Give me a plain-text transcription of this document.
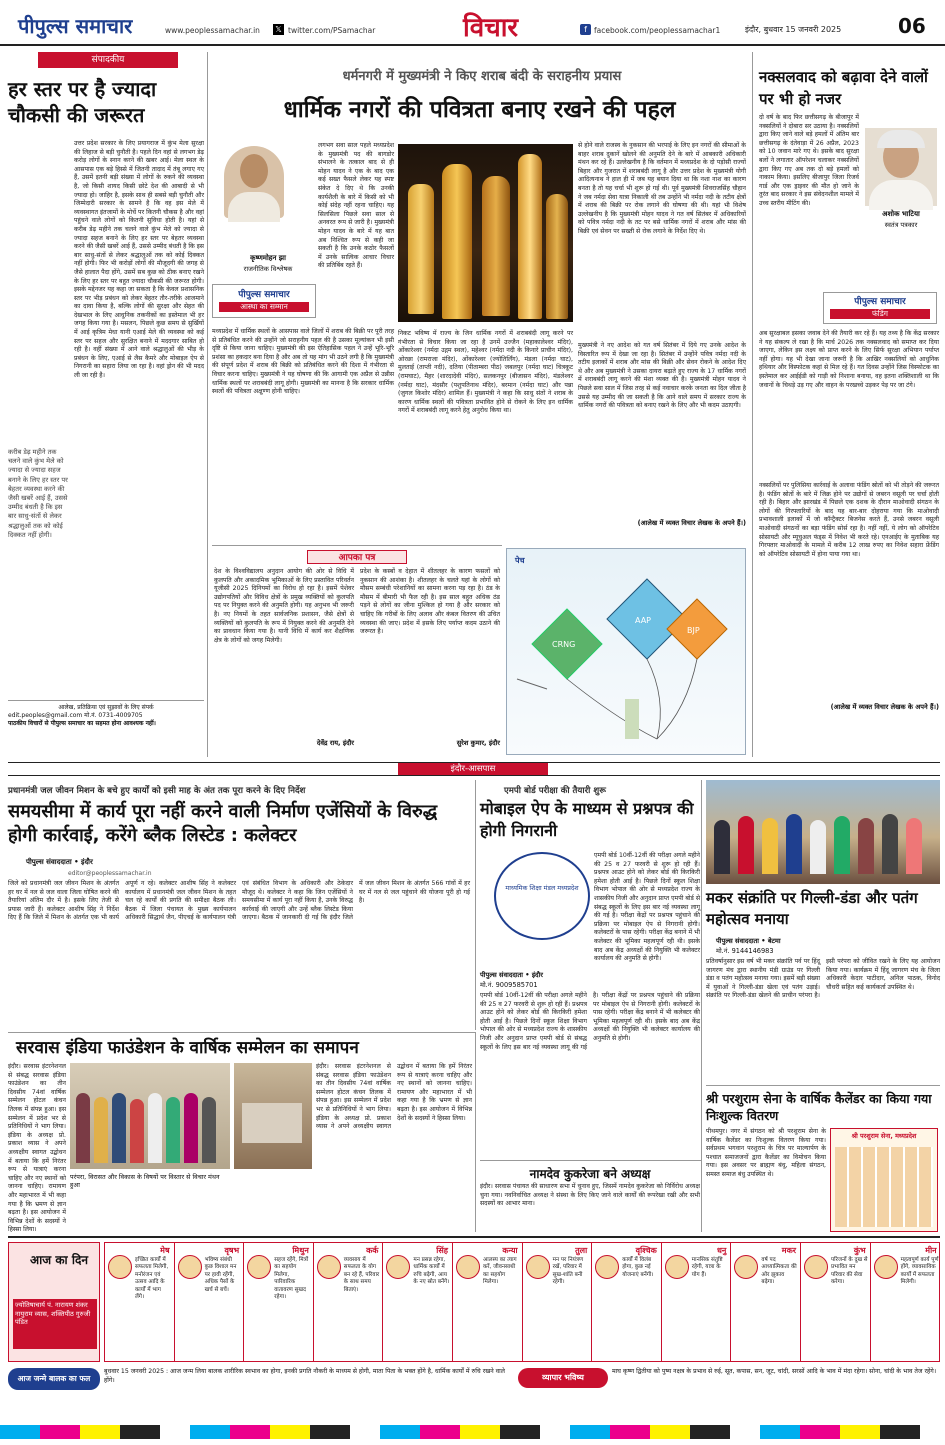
पीपुल्स समाचार	www.peoplessamachar.in 𝕏 twitter.com/PSamachar	विचार	f facebook.com/peoplessamachar1	इंदौर, बुधवार 15 जनवरी 2025	06
संपादकीय
हर स्तर पर है ज्यादा चौकसी की जरूरत
उत्तर प्रदेश सरकार के लिए प्रयागराज में कुंभ मेला सुरक्षा की लिहाज से बड़ी चुनौती है। पहले दिन वहां से लगभग डेढ़ करोड़ लोगों के स्नान करने की खबर आई। मेला स्थल के आसपास एक बड़े हिस्से में जितनी तादाद में तंबू लगाए गए हैं, उसमें इतनी बड़ी संख्या में लोगों के रुकने की व्यवस्था है, जो किसी शायद किसी छोटे देश की आबादी से भी ज्यादा हो। जाहिर है, इसके साथ ही सबसे बड़ी चुनौती और जिम्मेदारी सरकार के सामने है कि वह इस मेले में व्यवस्थागत इंतजामों के मोर्चे पर कितनी चौकस है और वहां पहुंचने वाले लोगों को कितनी सुविधा होती है। यहां से करीब डेढ़ महीने तक चलने वाले कुंभ मेले को ज्यादा से ज्यादा सहज बनाने के लिए हर स्तर पर बेहतर व्यवस्था करने की जैसी खबरें आई हैं, उससे उम्मीद बंधती है कि इस बार साधु-संतों से लेकर श्रद्धालुओं तक को कोई दिक्कत नहीं होगी। फिर भी करोड़ों लोगों की मौजूदगी की जगह से जैसे हालात पैदा होंगे, उसमें सब कुछ को ठीक बनाए रखने के लिए हर स्तर पर बहुत ज्यादा चौकसी की जरूरत होगी। इसके मद्देनजर यह कहा जा सकता है कि केवल प्रशासनिक स्तर पर भीड़ प्रबंधन को लेकर बेहतर तौर-तरीके आजमाने का दावा किया है, बल्कि लोगों की सुरक्षा और सेहत की देखभाल के लिए आधुनिक तकनीकों का इस्तेमाल भी हर जगह किया गया है। मसलन, पिछले कुछ समय से सुर्खियों में आई कृत्रिम मेधा यानी एआई मेले की व्यवस्था को कई स्तर पर सहज और सुरक्षित बनाने में मददगार साबित हो रही है। वहीं संख्या में आने वाले श्रद्धालुओं की भीड़ के प्रबंधन के लिए, एआई से लैस कैमरे और मोबाइल ऐप से निगरानी का सहारा लिया जा रहा है। वहां ड्रोन की भी मदद ली जा रही है।
करीब डेढ़ महीने तक चलने वाले कुंभ मेले को ज्यादा से ज्यादा सहज बनाने के लिए हर स्तर पर बेहतर व्यवस्था करने की जैसी खबरें आई हैं, उससे उम्मीद बंधती है कि इस बार साधु-संतों से लेकर श्रद्धालुओं तक को कोई दिक्कत नहीं होगी।
आलेख, प्रतिक्रिया एवं सुझावों के लिए संपर्क
edit.peoples@gmail.com मो.नं. 0731-4009705
पाठकीय विचारों से पीपुल्स समाचार का सहमत होना आवश्यक नहीं।
धर्मनगरी में मुख्यमंत्री ने किए शराब बंदी के सराहनीय प्रयास
धार्मिक नगरों की पवित्रता बनाए रखने की पहल
कृष्णमोहन झा
राजनीतिक विश्लेषक
पीपुल्स समाचार
आस्था का सम्मान
लगभग सवा साल पहले मध्यप्रदेश के मुख्यमंत्री पद की बागडोर संभालने के तत्काल बाद से ही मोहन यादव ने एक के बाद एक कई सख्त फैसले लेकर यह स्पष्ट संकेत दे दिए थे कि उनकी कार्यशैली के बारे में किसी को भी कोई संदेह नहीं रहना चाहिए। यह सिलसिला पिछले सवा साल से अनवरत रूप से जारी है। मुख्यमंत्री मोहन यादव के बारे में यह बात अब निश्चित रूप से कही जा सकती है कि उनके कठोर फैसलों में उनके सात्विक आचार विचार की प्रतिबिंब रहते हैं।
मध्यप्रदेश में धार्मिक स्थलों के आसपास वाले जिलों में शराब की बिक्री पर पूरी तरह से प्रतिबंधित करने की उन्होंने जो सराहनीय पहल की है उसका मूल्यांकन भी इसी दृष्टि से किया जाना चाहिए। मुख्यमंत्री की इस ऐतिहासिक पहल ने उन्हें भूरि-भूरि प्रशंसा का हकदार बना दिया है और अब तो यह मांग भी उठने लगी है कि मुख्यमंत्री की संपूर्ण प्रदेश में शराब की बिक्री को प्रतिबंधित करने की दिशा में गंभीरता से विचार करना चाहिए। मुख्यमंत्री ने यह घोषणा की कि आगामी एक अप्रैल से उन्नीस धार्मिक स्थलों पर शराबबंदी लागू होगी। मुख्यमंत्री का मानना है कि सरकार धार्मिक स्थलों की पवित्रता अक्षुण्ण होनी चाहिए।
निकट भविष्य में राज्य के जिन धार्मिक नगरों में शराबबंदी लागू करने पर गंभीरता से विचार किया जा रहा है उनमें उज्जैन (महाकालेश्वर मंदिर), ओंकारेश्वर (नर्मदा उद्गम स्थल), महेश्वर (नर्मदा नदी के किनारे प्राचीन मंदिर), ओरछा (रामराजा मंदिर), ओंकारेश्वर (ज्योतिर्लिंग), मंडला (नर्मदा घाट), मुलताई (ताप्ती नदी), दतिया (पीताम्बरा पीठ) जबलपुर (नर्मदा घाट) चित्रकूट (रामघाट), मैहर (शारदादेवी मंदिर), सलकनपुर (बीजासन मंदिर), मंडलेश्वर (नर्मदा घाट), मंदसौर (पशुपतिनाथ मंदिर), बरमान (नर्मदा घाट) और पन्ना (जुगल किशोर मंदिर) शामिल हैं। मुख्यमंत्री ने कहा कि साधु संतों ने शराब के कारण धार्मिक स्थलों की पवित्रता प्रभावित होने से रोकने के लिए इन धार्मिक नगरों में शराबबंदी लागू करने हेतु अनुरोध किया था।
से होने वाले राजस्व के नुकसान की भरपाई के लिए इन नगरों की सीमाओं के बाहर शराब दुकानें खोलने की अनुमति देने के बारे में आबकारी अधिकारी मंथन कर रहे हैं। उल्लेखनीय है कि वर्तमान में मध्यप्रदेश के दो पड़ोसी राज्यों बिहार और गुजरात में शराबबंदी लागू है और उत्तर प्रदेश के मुख्यमंत्री योगी आदित्यनाथ ने हाल ही में जब यह बयान दिया था कि नशा नाश का कारण बनता है तो यह चर्चा भी शुरू हो गई थी। पूर्व मुख्यमंत्री शिवराजसिंह चौहान ने जब नर्मदा सेवा यात्रा निकाली थी तब उन्होंने भी नर्मदा नदी के तटीय क्षेत्रों में शराब की बिक्री पर रोक लगाने की घोषणा की थी। यहां भी विशेष उल्लेखनीय है कि मुख्यमंत्री मोहन यादव ने गत वर्ष सितंबर में अधिकारियों को पवित्र नर्मदा नदी के तट पर बसे धार्मिक नगरों में शराब और मांस की बिक्री एवं सेवन पर सख्ती से रोक लगाने के निर्देश दिए थे।
मुख्यमंत्री ने नए आदेश को गत वर्ष सितंबर में दिये गए उनके आदेश के विस्तारित रूप में देखा जा रहा है। सितंबर में उन्होंने पवित्र नर्मदा नदी के तटीय इलाकों में शराब और मांस की बिक्री और सेवन रोकने के आदेश दिए थे और अब मुख्यमंत्री ने उसका दायरा बढ़ाते हुए राज्य के 17 धार्मिक नगरों में शराबबंदी लागू करने की मंशा व्यक्त की है। मुख्यमंत्री मोहन यादव ने पिछले सवा साल में जिस तरह से कई नवाचार करके जनता का दिल जीता है उससे यह उम्मीद की जा सकती है कि आने वाले समय में सरकार राज्य के धार्मिक नगरों की पवित्रता को बनाए रखने के लिए और भी कदम उठाएगी।
(आलेख में व्यक्त विचार लेखक के अपने हैं।)
नक्सलवाद को बढ़ावा देने वालों पर भी हो नजर
दो वर्ष के बाद फिर छत्तीसगढ़ के बीजापुर में नक्सलियों ने दोबारा सर उठाया है। नक्सलियों द्वारा किए जाने वाले बड़े हमलों में अंतिम बार छत्तीसगढ़ के दंतेवाड़ा में 26 अप्रैल, 2023 को 10 जवान मारे गए थे। इसके बाद सुरक्षा बलों ने लगातार ऑपरेशन चलाकर नक्सलियों द्वारा किए गए अब तक दो बड़े हमलों को नाकाम किया। इसलिए बीजापुर जिला रिजर्व गार्ड और एक ड्राइवर की मौत हो जाने के तुरंत बाद सरकार ने इस संवेदनशील मामले में उच्च स्तरीय मीटिंग की।
अशोक भाटिया
स्वतंत्र पत्रकार
पीपुल्स समाचार
फंडिंग
अब सुरक्षाबल इसका जवाब देने की तैयारी कर रहे हैं। यह तथ्य है कि केंद्र सरकार ने यह संकल्प ले रखा है कि मार्च 2026 तक नक्सलवाद को समाप्त कर दिया जाएगा, लेकिन इस लक्ष्य को प्राप्त करने के लिए सिर्फ सुरक्षा अभियान पर्याप्त नहीं होगा। यह भी देखा जाना जरूरी है कि आखिर नक्सलियों को आधुनिक हथियार और विस्फोटक कहां से मिल रहे हैं। गत दिवस उन्होंने जिस विस्फोटक का इस्तेमाल कर आईईडी को गाड़ी को निशाना बनाया, वह इतना शक्तिशाली था कि जवानों के चिथड़े उड़ गए और वाहन के परखच्चे उड़कर पेड़ पर जा टंगे।
नक्सलियों पर पुलिसिया कार्रवाई के अलावा फंडिंग स्रोतों को भी तोड़ने की जरूरत है। फंडिंग स्रोतों के बारे में जिक्र होने पर उद्योगों से जबरन वसूली पर चर्चा होती रही है। बिहार और झारखंड में पिछले एक दशक के दौरान माओवादी संगठन के लोगों की गिरफ्तारियों के बाद यह बार-बार दोहराया गया कि माओवादी प्रभावशाली इलाकों में जो कॉन्ट्रैक्टर बिजनेस करते हैं, उनसे जबरन वसूली माओवादी संगठनों का बड़ा फंडिंग सोर्स रहा है। नहीं नहीं, ये लोग को ऑपरेटिव सोसायटी और म्यूचुअल फंड्स में निवेश भी करते रहे। एनआईए के मुताबिक यह गिरफ्तार माओवादी के मामले में करीब 12 लाख रुपए का निवेश सहारा फ्रेंडिंग को ऑपरेटिव सोसायटी में होना पाया गया था।
(आलेख में व्यक्त विचार लेखक के अपने हैं।)
आपका पत्र
देश के विश्वविद्यालय अनुदान आयोग की ओर से विधि में कुलपति और अकादमिक भूमिकाओं के लिए प्रस्तावित परिवर्तन यूजीसी 2025 दिनियमों का विरोध हो रहा है। इसमें पेशेवर उद्योगपतियों और विविध क्षेत्रों के प्रमुख व्यक्तियों को कुलपति पद पर नियुक्त करने की अनुमति होगी। यह अनुभव भी जरूरी है। नए नियमों के तहत सार्वजनिक प्रशासन, जैसे क्षेत्रों से व्यक्तियों को कुलपति के रूप में नियुक्त करने की अनुमति देने का प्रावधान किया गया है। यानी विधि में कार्य कर शैक्षणिक क्षेत्र के लोगों को जगह मिलेगी।
देवेंद्र राय, इंदौर
प्रदेश के कस्बों व देहात में शीतलहर के कारण फसलों को नुकसान की आशंका है। शीतलहर के चलते यहां के लोगों को मौसम सम्बंधी परेशानियों का सामना करना पड़ रहा है। ठंड के मौसम में बीमारी भी फैल रही है। इस साल बहुत अधिक ठंड पड़ने से लोगों का जीना मुश्किल हो गया है और सरकार को चाहिए कि गरीबों के लिए अलाव और कंबल वितरण की उचित व्यवस्था की जाए। प्रदेश में इसके लिए पर्याप्त कदम उठाने की जरूरत है।
सुरेश कुमार, इंदौर
पेच
CRNG
AAP
BJP
इंदौर-आसपास
प्रधानमंत्री जल जीवन मिशन के बचे हुए कार्यों को इसी माह के अंत तक पूरा करने के दिए निर्देश
समयसीमा में कार्य पूरा नहीं करने वाली निर्माण एजेंसियों के विरुद्ध होगी कार्रवाई, करेंगे ब्लैक लिस्टेड : कलेक्टर
पीपुल्स संवाददाता • इंदौर
editor@peoplessamachar.in
जिले को प्रधानमंत्री जल जीवन मिशन के अंतर्गत हर घर में नल से जल वाला जिला घोषित करने की तैयारियां अंतिम दौर में है। इसके लिए तेजी से प्रयास जारी हैं। कलेक्टर आशीष सिंह ने निर्देश दिए हैं कि जिले में मिशन के अंतर्गत एक भी कार्य अपूर्ण न रहे। कलेक्टर आशीष सिंह ने कलेक्टर कार्यालय में प्रधानमंत्री जल जीवन मिशन के तहत चल रहे कार्यों की प्रगति की समीक्षा बैठक ली। बैठक में जिला पंचायत के मुख्य कार्यपालन अधिकारी सिद्धार्थ जैन, पीएचई के कार्यपालन यंत्री एवं संबंधित विभाग के अधिकारी और ठेकेदार मौजूद थे। कलेक्टर ने कहा कि जिन एजेंसियों ने समयसीमा में कार्य पूरा नहीं किया है, उनके विरुद्ध कार्रवाई की जाएगी और उन्हें ब्लैक लिस्टेड किया जाएगा। बैठक में जानकारी दी गई कि इंदौर जिले में जल जीवन मिशन के अंतर्गत 566 गांवों में हर घर में नल से जल पहुंचाने की योजना पूरी हो गई है।
एमपी बोर्ड परीक्षा की तैयारी शुरू
मोबाइल ऐप के माध्यम से प्रश्नपत्र की होगी निगरानी
माध्यमिक शिक्षा मंडल मध्यप्रदेश
पीपुल्स संवाददाता • इंदौर
मो.नं. 9009585701
एमपी बोर्ड 10वीं-12वीं की परीक्षा अगले महीने की 25 व 27 फरवरी से शुरू हो रही हैं। प्रश्नपत्र आउट होने को लेकर बोर्ड की किरकिरी हमेशा होती आई है। पिछले दिनों स्कूल शिक्षा विभाग भोपाल की ओर से मध्यप्रदेश राज्य के शासकीय निजी और अनुदान प्राप्त एमपी बोर्ड से संबद्ध स्कूलों के लिए इस बार नई व्यवस्था लागू की गई है। परीक्षा केंद्रों पर प्रश्नपत्र पहुंचाने की प्रक्रिया पर मोबाइल ऐप से निगरानी होगी। कलेक्टरों के पास रहेगी। परीक्षा केंद्र बनाने में भी कलेक्टर की भूमिका महत्वपूर्ण रही थी। इसके बाद अब केंद्र अध्यक्षों की नियुक्ति भी कलेक्टर कार्यालय की अनुमति से होगी।
एमपी बोर्ड 10वीं-12वीं की परीक्षा अगले महीने की 25 व 27 फरवरी से शुरू हो रही हैं। प्रश्नपत्र आउट होने को लेकर बोर्ड की किरकिरी हमेशा होती आई है। पिछले दिनों स्कूल शिक्षा विभाग भोपाल की ओर से मध्यप्रदेश राज्य के शासकीय निजी और अनुदान प्राप्त एमपी बोर्ड से संबद्ध स्कूलों के लिए इस बार नई व्यवस्था लागू की गई है। परीक्षा केंद्रों पर प्रश्नपत्र पहुंचाने की प्रक्रिया पर मोबाइल ऐप से निगरानी होगी। कलेक्टरों के पास रहेगी। परीक्षा केंद्र बनाने में भी कलेक्टर की भूमिका महत्वपूर्ण रही थी। इसके बाद अब केंद्र अध्यक्षों की नियुक्ति भी कलेक्टर कार्यालय की अनुमति से होगी।
मकर संक्रांति पर गिल्ली-डंडा और पतंग महोत्सव मनाया
पीपुल्स संवाददाता • बेटमा
मो.नं. 9144146983
प्रतिवर्षानुसार इस वर्ष भी मकर संक्रांति पर्व पर हिंदू जागरण मंच द्वारा स्थानीय मंडी ग्राउंड पर गिल्ली डंडा व पतंग महोत्सव मनाया गया। इसमें बड़ी संख्या में युवाओं ने गिल्ली-डंडा खेला एवं पतंग उड़ाई। संक्रांति पर गिल्ली-डंडा खेलने की प्राचीन परंपरा है। इसी परंपरा को जीवित रखने के लिए यह आयोजन किया गया। कार्यक्रम में हिंदू जागरण मंच के जिला अधिकारी केदार पाटीदार, अनिल पाठक, विनोद चौधरी सहित कई कार्यकर्ता उपस्थित थे।
सरवास इंडिया फाउंडेशन के वार्षिक सम्मेलन का समापन
परंपरा, विरासत और विकास के विषयों पर विस्तार से विचार मंथन हुआ
इंदौर। सरवास इंटरनेशनल से संबद्ध सरवास इंडिया फाउंडेशन का तीन दिवसीय 74वां वार्षिक सम्मेलन होटल कंचन तिलक में संपन्न हुआ। इस सम्मेलन में प्रदेश भर से प्रतिनिधियों ने भाग लिया। इंडिया के अध्यक्ष प्रो. प्रकाश व्यास ने अपने अध्यक्षीय स्वागत उद्बोधन में बताया कि हमें निरंतर रूप से यात्राएं करना चाहिए और नए स्थानों को जानना चाहिए। रामायण और महाभारत में भी कहा गया है कि भ्रमण से ज्ञान बढ़ता है। इस आयोजन में विभिन्न देशों के सदस्यों ने हिस्सा लिया।
इंदौर। सरवास इंटरनेशनल से संबद्ध सरवास इंडिया फाउंडेशन का तीन दिवसीय 74वां वार्षिक सम्मेलन होटल कंचन तिलक में संपन्न हुआ। इस सम्मेलन में प्रदेश भर से प्रतिनिधियों ने भाग लिया। इंडिया के अध्यक्ष प्रो. प्रकाश व्यास ने अपने अध्यक्षीय स्वागत उद्बोधन में बताया कि हमें निरंतर रूप से यात्राएं करना चाहिए और नए स्थानों को जानना चाहिए। रामायण और महाभारत में भी कहा गया है कि भ्रमण से ज्ञान बढ़ता है। इस आयोजन में विभिन्न देशों के सदस्यों ने हिस्सा लिया।
नामदेव कुकरेजा बने अध्यक्ष
इंदौर। सरवास पंचायत की साधारण सभा में चुनाव हुए, जिसमें नामदेव कुकरेजा को निर्विरोध अध्यक्ष चुना गया। नवनिर्वाचित अध्यक्ष ने संस्था के लिए किए जाने वाले कार्यों की रूपरेखा रखी और सभी सदस्यों का आभार माना।
श्री परशुराम सेना के वार्षिक कैलेंडर का किया गया निःशुल्क वितरण
पीथमपुर। नगर में संगठन को श्री परशुराम सेना के वार्षिक कैलेंडर का निःशुल्क वितरण किया गया। सर्वप्रथम भगवान परशुराम के चित्र पर माल्यार्पण के पश्चात समाजजनों द्वारा कैलेंडर का विमोचन किया गया। इस अवसर पर ब्राह्मण बंधु, महिला संगठन, समस्त समाज बंधु उपस्थित थे।
श्री परशुराम सेना, मध्यप्रदेश
आज का दिन
ज्योतिषाचार्य पं. नारायण शंकर नायुराम व्यास, शक्तिपीठ गुरुजी पंडित
मेष
इच्छित कार्यों में सफलता मिलेगी, मनोरंजन एवं उत्सव आदि के कार्यों में भाग लेंगे।
वृषभ
भविष्य संबंधी कुछ विशाल मन पर हावी रहेंगी, अधिक पैसों के खर्च से बचें।
मिथुन
सहज रहेंगे, मित्रों का सहयोग मिलेगा, पारिवारिक वातावरण सुखद रहेगा।
कर्क
व्यवसाय में सफलता के योग बन रहे हैं, परिवार के साथ समय बिताएं।
सिंह
मन प्रसन्न रहेगा, धार्मिक कार्यों में रुचि बढ़ेगी, आय के नए स्रोत बनेंगे।
कन्या
आलस्य का त्याग करें, जीवनसाथी का सहयोग मिलेगा।
तुला
मन पर नियंत्रण रखें, परिवार में सुख-शांति बनी रहेगी।
वृश्चिक
कार्यों में विलंब होगा, कुछ नई योजनाएं बनेंगी।
धनु
मानसिक संतुष्टि रहेगी, यात्रा के योग हैं।
मकर
वर्ष पद आध्यात्मिकता की ओर झुकाव बढ़ेगा।
कुंभ
परिजनों के दुख से प्रभावित मन परिवार की सेवा करेगा।
मीन
महत्वपूर्ण कार्य पूर्ण होंगे, व्यावसायिक कार्यों में सफलता मिलेगी।
आज जन्मे बालक का फल
बुधवार 15 जनवरी 2025 : आज जन्म लिया बालक शारीरिक स्वभाव का होगा, इनकी प्रगति नौकरी के माध्यम से होगी, माता पिता के भक्त होंगे है, धार्मिक कार्यों में रुचि रखने वाले होंगे।	व्यापार भविष्य
माघ कृष्ण द्वितीया को पुष्य नक्षत्र के प्रभाव से रुई, सूत, कपास, सन, जूट, चांदी, सरसों आदि के भाव में मंदा रहेगा। सोना, चांदी के भाव तेज रहेंगे।
